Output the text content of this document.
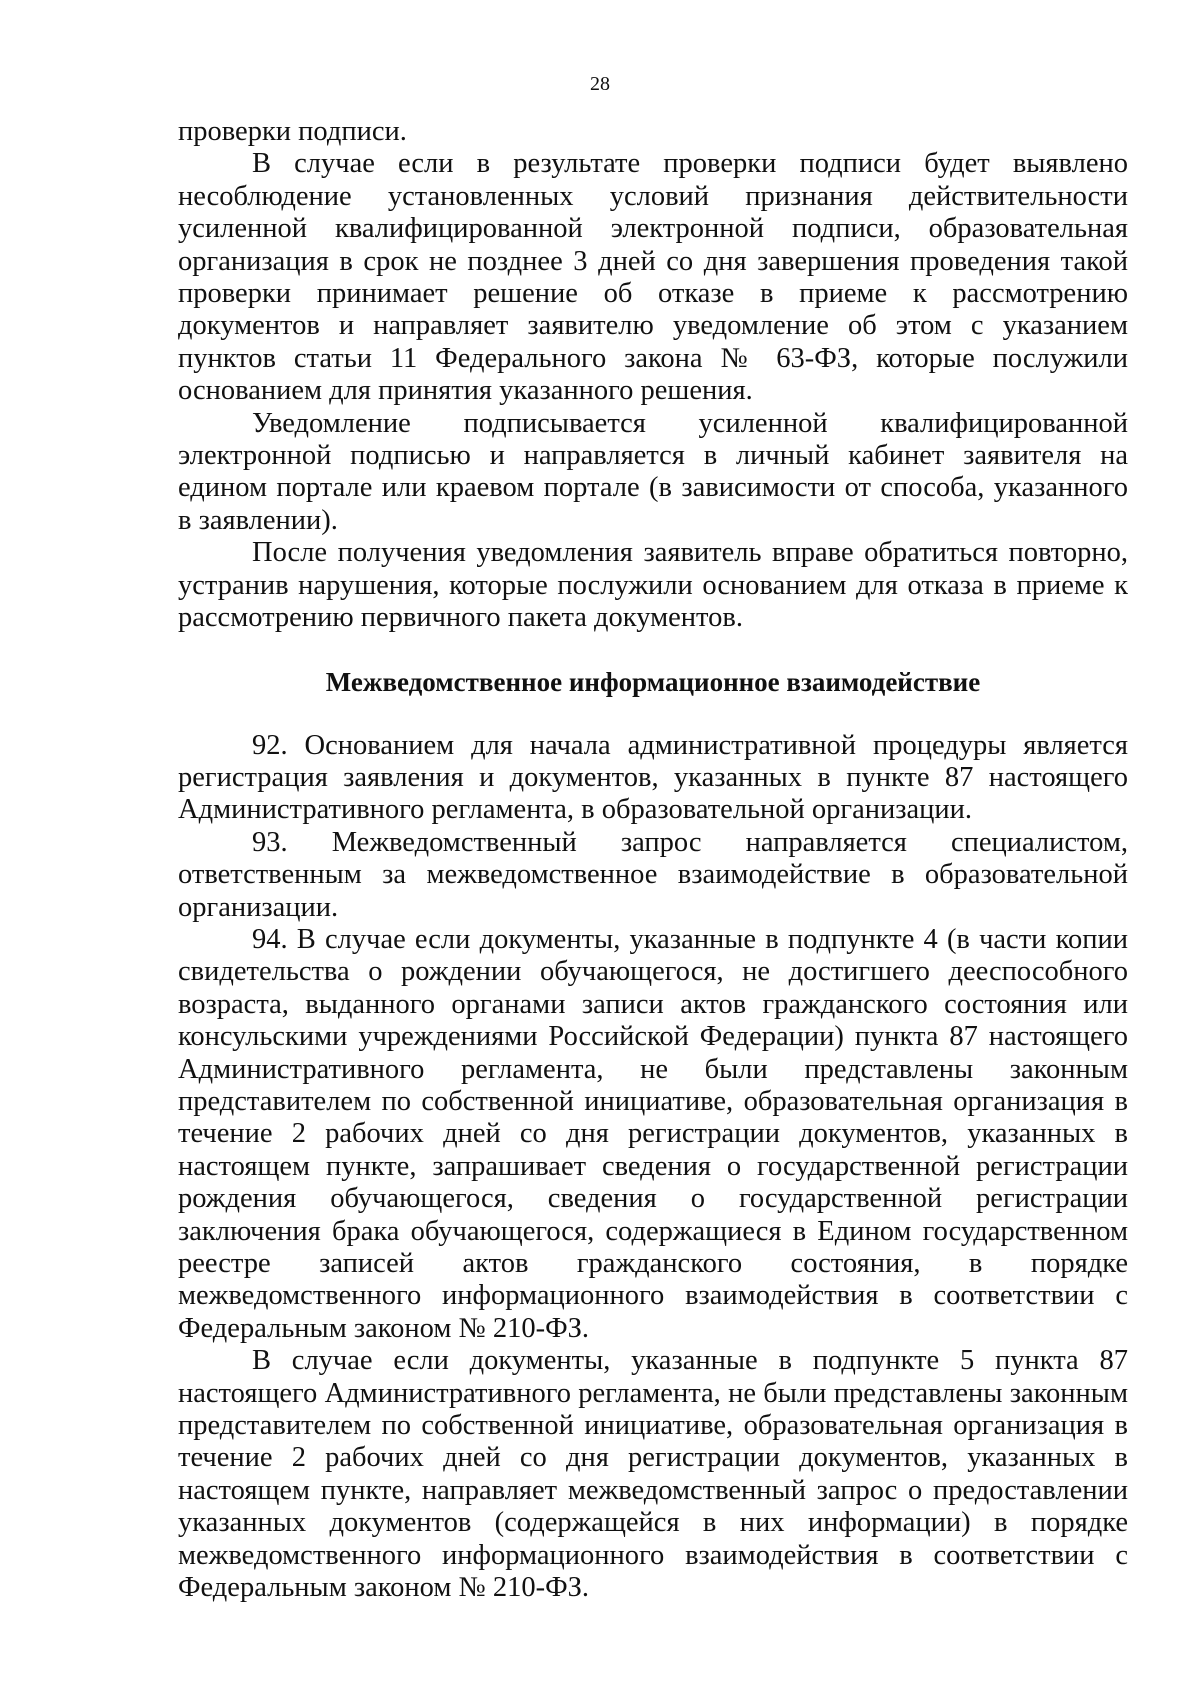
28

проверки подписи.

В случае если в результате проверки подписи будет выявлено несоблюдение установленных условий признания действительности усиленной квалифицированной электронной подписи, образовательная организация в срок не позднее 3 дней со дня завершения проведения такой проверки принимает решение об отказе в приеме к рассмотрению документов и направляет заявителю уведомление об этом с указанием пунктов статьи 11 Федерального закона № 63-ФЗ, которые послужили основанием для принятия указанного решения.

Уведомление подписывается усиленной квалифицированной электронной подписью и направляется в личный кабинет заявителя на едином портале или краевом портале (в зависимости от способа, указанного в заявлении).

После получения уведомления заявитель вправе обратиться повторно, устранив нарушения, которые послужили основанием для отказа в приеме к рассмотрению первичного пакета документов.

Межведомственное информационное взаимодействие

92. Основанием для начала административной процедуры является регистрация заявления и документов, указанных в пункте 87 настоящего Административного регламента, в образовательной организации.

93. Межведомственный запрос направляется специалистом, ответственным за межведомственное взаимодействие в образовательной организации.

94. В случае если документы, указанные в подпункте 4 (в части копии свидетельства о рождении обучающегося, не достигшего дееспособного возраста, выданного органами записи актов гражданского состояния или консульскими учреждениями Российской Федерации) пункта 87 настоящего Административного регламента, не были представлены законным представителем по собственной инициативе, образовательная организация в течение 2 рабочих дней со дня регистрации документов, указанных в настоящем пункте, запрашивает сведения о государственной регистрации рождения обучающегося, сведения о государственной регистрации заключения брака обучающегося, содержащиеся в Едином государственном реестре записей актов гражданского состояния, в порядке межведомственного информационного взаимодействия в соответствии с Федеральным законом № 210-ФЗ.

В случае если документы, указанные в подпункте 5 пункта 87 настоящего Административного регламента, не были представлены законным представителем по собственной инициативе, образовательная организация в течение 2 рабочих дней со дня регистрации документов, указанных в настоящем пункте, направляет межведомственный запрос о предоставлении указанных документов (содержащейся в них информации) в порядке межведомственного информационного взаимодействия в соответствии с Федеральным законом № 210-ФЗ.
